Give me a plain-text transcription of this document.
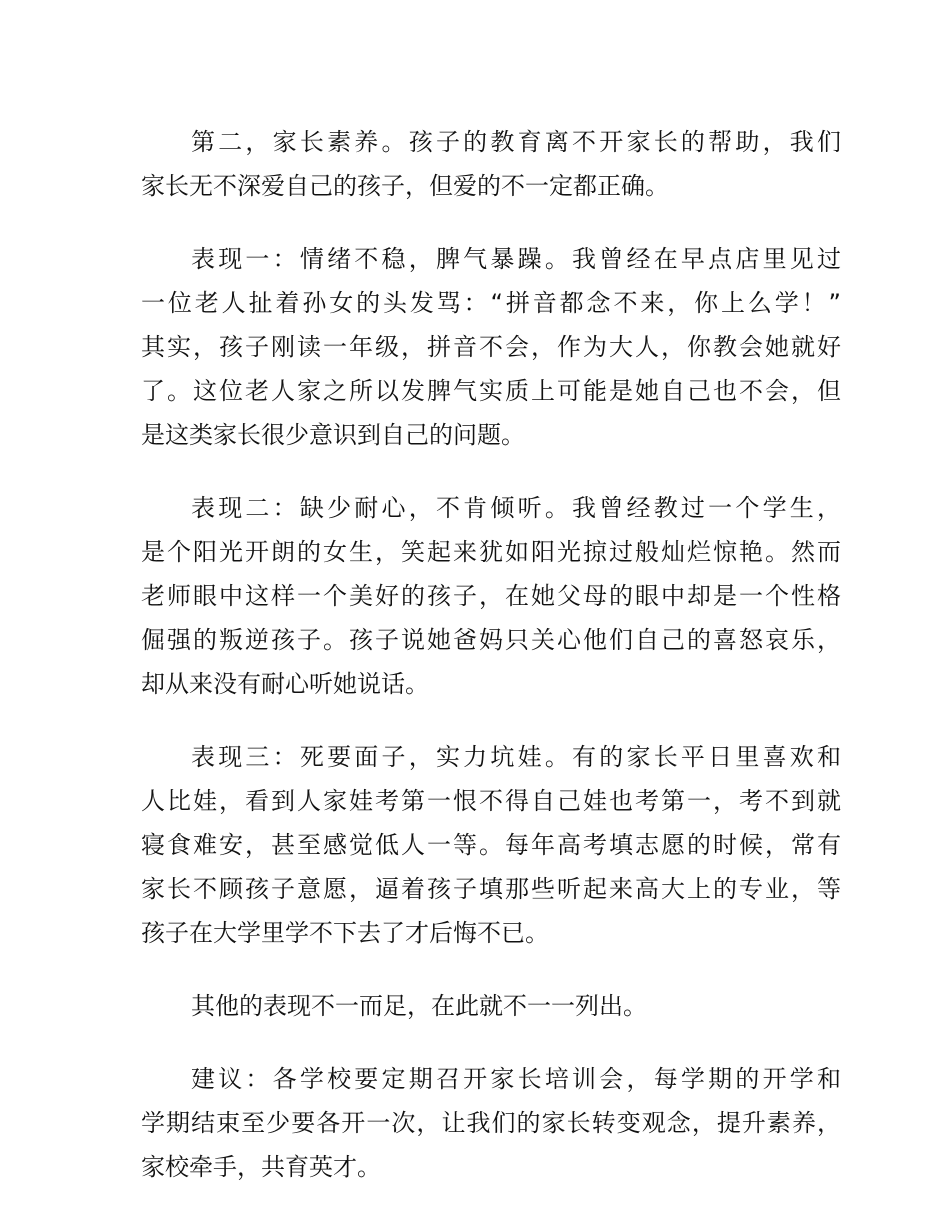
第二，家长素养。孩子的教育离不开家长的帮助，我们
家长无不深爱自己的孩子，但爱的不一定都正确。
表现一：情绪不稳，脾气暴躁。我曾经在早点店里见过
一位老人扯着孙女的头发骂：“拼音都念不来，你上么学！”
其实，孩子刚读一年级，拼音不会，作为大人，你教会她就好
了。这位老人家之所以发脾气实质上可能是她自己也不会，但
是这类家长很少意识到自己的问题。
表现二：缺少耐心，不肯倾听。我曾经教过一个学生，
是个阳光开朗的女生，笑起来犹如阳光掠过般灿烂惊艳。然而
老师眼中这样一个美好的孩子，在她父母的眼中却是一个性格
倔强的叛逆孩子。孩子说她爸妈只关心他们自己的喜怒哀乐，
却从来没有耐心听她说话。
表现三：死要面子，实力坑娃。有的家长平日里喜欢和
人比娃，看到人家娃考第一恨不得自己娃也考第一，考不到就
寝食难安，甚至感觉低人一等。每年高考填志愿的时候，常有
家长不顾孩子意愿，逼着孩子填那些听起来高大上的专业，等
孩子在大学里学不下去了才后悔不已。
其他的表现不一而足，在此就不一一列出。
建议：各学校要定期召开家长培训会，每学期的开学和
学期结束至少要各开一次，让我们的家长转变观念，提升素养，
家校牵手，共育英才。
